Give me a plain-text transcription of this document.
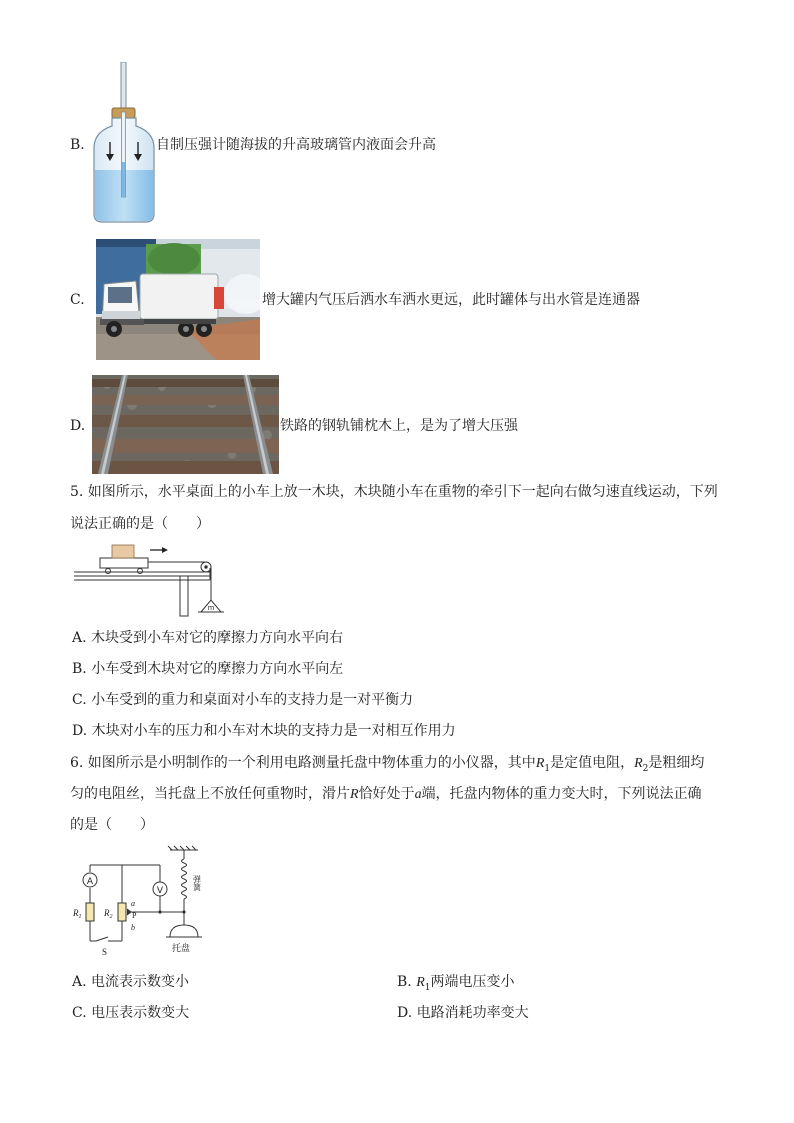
B.	自制压强计随海拔的升高玻璃管内液面会升高
C.	增大罐内气压后洒水车洒水更远，此时罐体与出水管是连通器
D.	铁路的钢轨铺枕木上，是为了增大压强
5. 如图所示，水平桌面上的小车上放一木块，木块随小车在重物的牵引下一起向右做匀速直线运动，下列
说法正确的是（　　）
m
A. 木块受到小车对它的摩擦力方向水平向右
B. 小车受到木块对它的摩擦力方向水平向左
C. 小车受到的重力和桌面对小车的支持力是一对平衡力
D. 木块对小车的压力和小车对木块的支持力是一对相互作用力
6. 如图所示是小明制作的一个利用电路测量托盘中物体重力的小仪器，其中$R_1$是定值电阻，$R_2$是粗细均
匀的电阻丝，当托盘上不放任何重物时，滑片R恰好处于a端，托盘内物体的重力变大时，下列说法正确
的是（　　）
A
V
$R_1$	$R_2$
a
P
b
S
弹簧
托盘
A. 电流表示数变小	B. $R_1$两端电压变小
C. 电压表示数变大	D. 电路消耗功率变大
